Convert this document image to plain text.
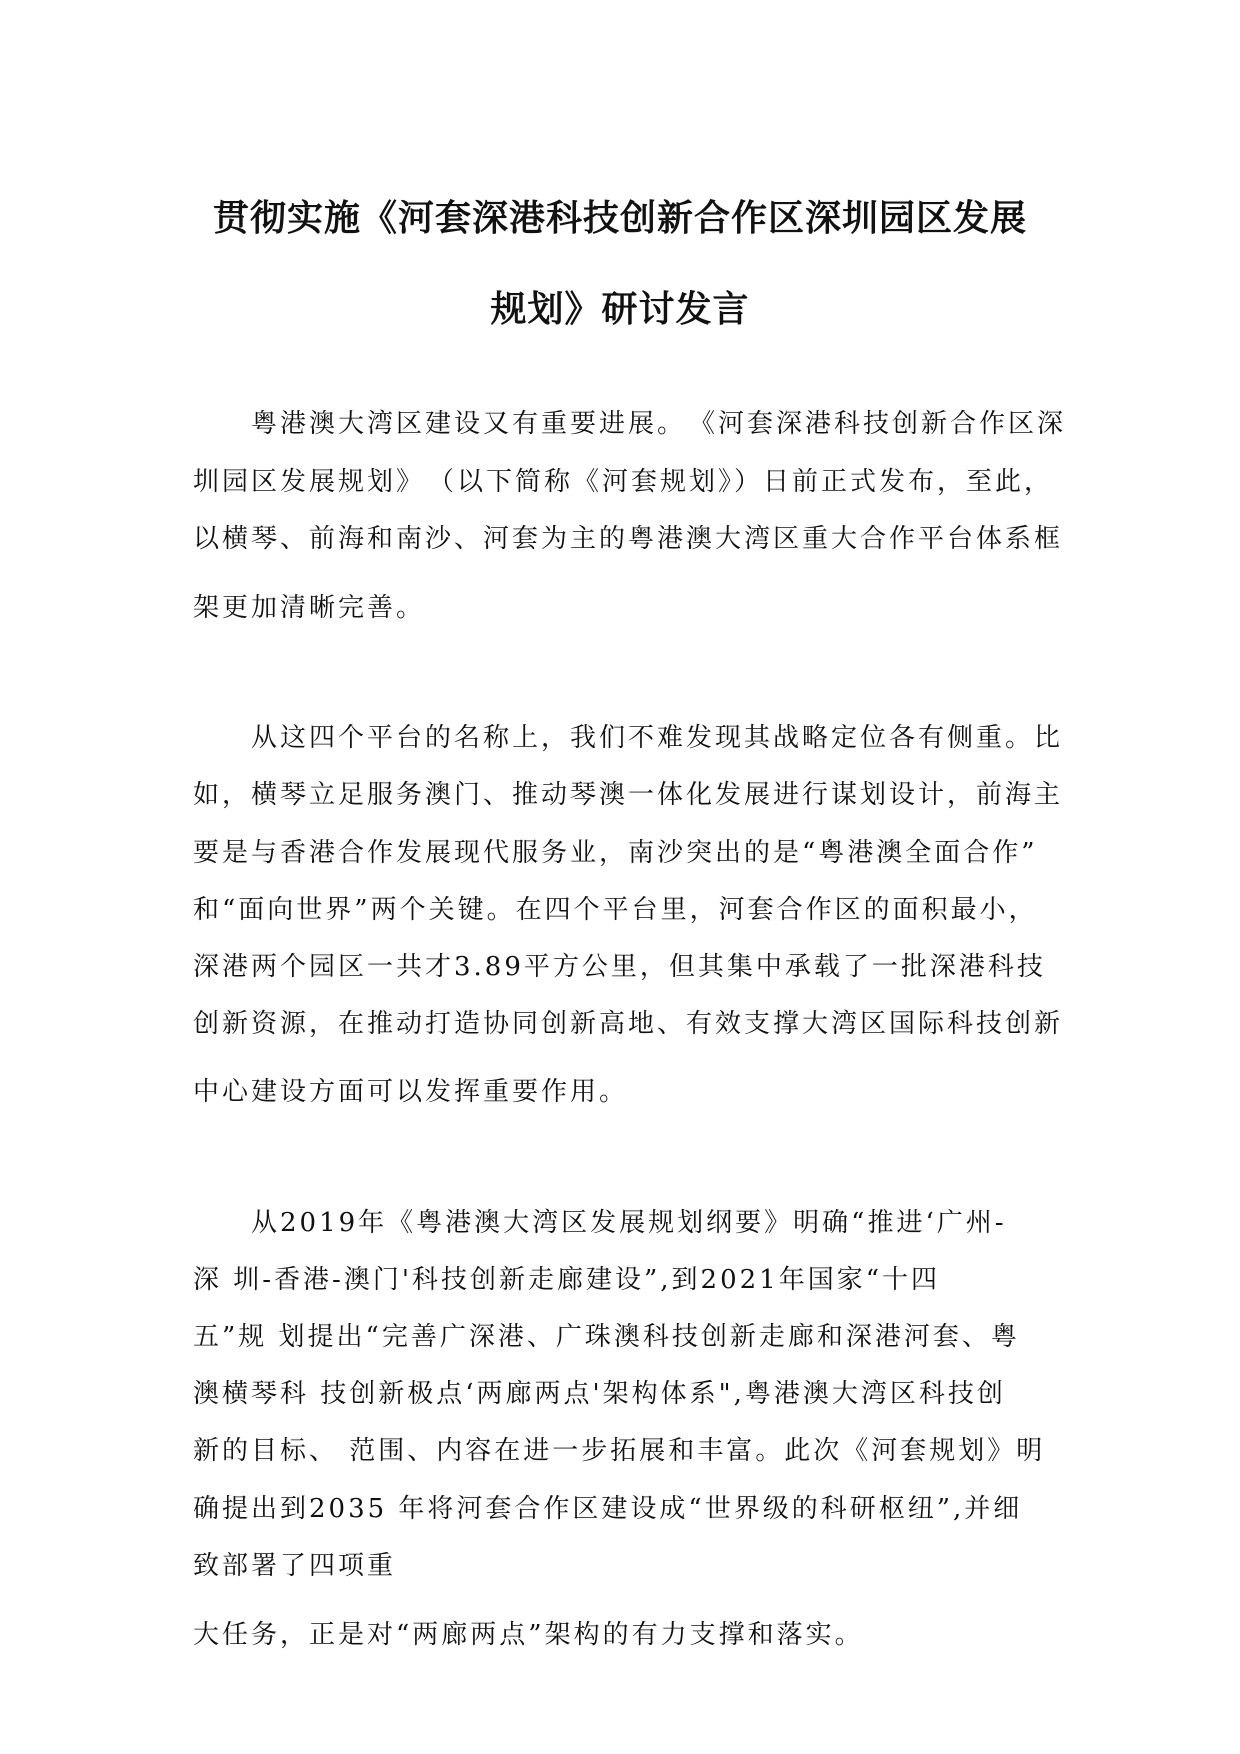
贯彻实施《河套深港科技创新合作区深圳园区发展
规划》研讨发言
　　粤港澳大湾区建设又有重要进展。　《河套深港科技创新合作区深
圳园区发展规划》　（以下简称《河套规划》）日前正式发布，至此，
以横琴、前海和南沙、河套为主的粤港澳大湾区重大合作平台体系框
架更加清晰完善。
　　从这四个平台的名称上，我们不难发现其战略定位各有侧重。比
如，横琴立足服务澳门、推动琴澳一体化发展进行谋划设计，前海主
要是与香港合作发展现代服务业，南沙突出的是“粤港澳全面合作”
和“面向世界”两个关键。在四个平台里，河套合作区的面积最小，
深港两个园区一共才3.89平方公里，但其集中承载了一批深港科技
创新资源，在推动打造协同创新高地、有效支撑大湾区国际科技创新
中心建设方面可以发挥重要作用。
　　从2019年《粤港澳大湾区发展规划纲要》明确“推进‘广州-
深 圳-香港-澳门'科技创新走廊建设”,到2021年国家“十四
五”规 划提出“完善广深港、广珠澳科技创新走廊和深港河套、粤
澳横琴科 技创新极点‘两廊两点'架构体系",粤港澳大湾区科技创
新的目标、 范围、内容在进一步拓展和丰富。此次《河套规划》明
确提出到2035 年将河套合作区建设成“世界级的科研枢纽”,并细
致部署了四项重
大任务，正是对“两廊两点”架构的有力支撑和落实。
